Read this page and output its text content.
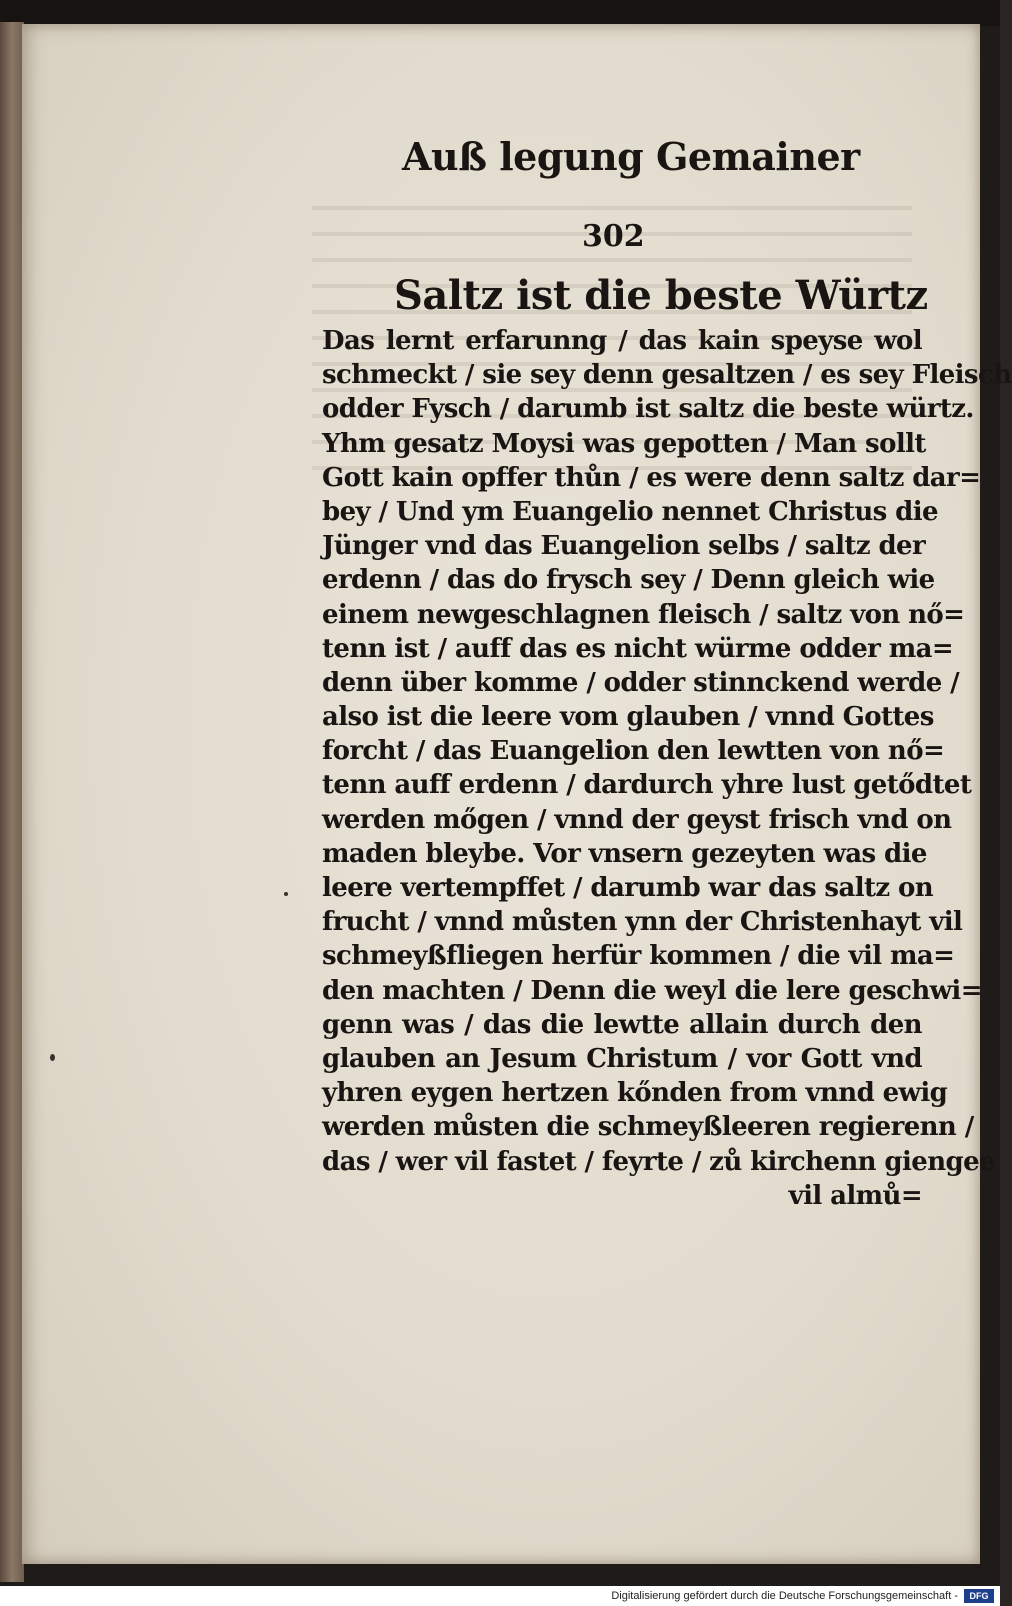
Auß legung Gemainer
302
Saltz ist die beste Würtz
Das lernt erfarunng / das kain speyse wol
schmeckt / sie sey denn gesaltzen / es sey Fleisch
odder Fysch / darumb ist saltz die beste würtz.
Yhm gesatz Moysi was gepotten / Man sollt
Gott kain opffer thůn / es were denn saltz dar=
bey / Und ym Euangelio nennet Christus die
Jünger vnd das Euangelion selbs / saltz der
erdenn / das do frysch sey / Denn gleich wie
einem newgeschlagnen fleisch / saltz von nő=
tenn ist / auff das es nicht würme odder ma=
denn über komme / odder stinnckend werde /
also ist die leere vom glauben / vnnd Gottes
forcht / das Euangelion den lewtten von nő=
tenn auff erdenn / dardurch yhre lust getődtet
werden mőgen / vnnd der geyst frisch vnd on
maden bleybe. Vor vnsern gezeyten was die
leere vertempffet / darumb war das saltz on
frucht / vnnd můsten ynn der Christenhayt vil
schmeyßfliegen herfür kommen / die vil ma=
den machten / Denn die weyl die lere geschwi=
genn was / das die lewtte allain durch den
glauben an Jesum Christum / vor Gott vnd
yhren eygen hertzen kőnden from vnnd ewig
werden můsten die schmeyßleeren regierenn /
das / wer vil fastet / feyrte / zů kirchenn giengee
vil almů=
Digitalisierung gefördert durch die Deutsche Forschungsgemeinschaft -	DFG
